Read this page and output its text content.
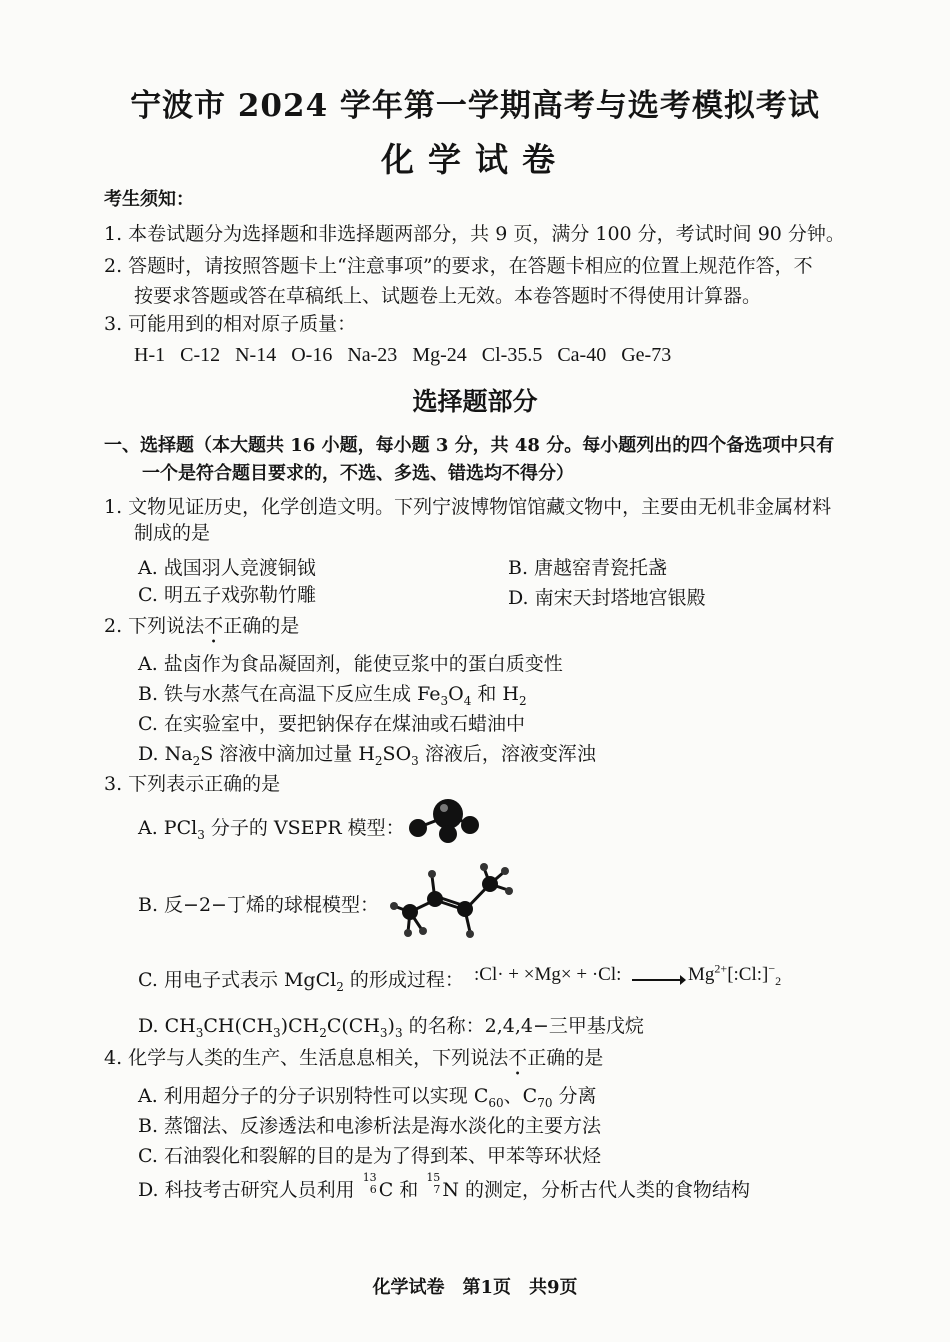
宁波市 2024 学年第一学期高考与选考模拟考试
化学试卷
考生须知：
1. 本卷试题分为选择题和非选择题两部分，共 9 页，满分 100 分，考试时间 90 分钟。
2. 答题时，请按照答题卡上“注意事项”的要求，在答题卡相应的位置上规范作答，不
按要求答题或答在草稿纸上、试题卷上无效。本卷答题时不得使用计算器。
3. 可能用到的相对原子质量：
H-1 C-12 N-14 O-16 Na-23 Mg-24 Cl-35.5 Ca-40 Ge-73
选择题部分
一、选择题（本大题共 16 小题，每小题 3 分，共 48 分。每小题列出的四个备选项中只有
一个是符合题目要求的，不选、多选、错选均不得分）
1. 文物见证历史，化学创造文明。下列宁波博物馆馆藏文物中，主要由无机非金属材料
制成的是
A. 战国羽人竞渡铜钺	B. 唐越窑青瓷托盏
C. 明五子戏弥勒竹雕	D. 南宋天封塔地宫银殿
2. 下列说法不正确的是
A. 盐卤作为食品凝固剂，能使豆浆中的蛋白质变性
B. 铁与水蒸气在高温下反应生成 $Fe_3O_4$ 和 $H_2$
C. 在实验室中，要把钠保存在煤油或石蜡油中
D. $Na_2S$ 溶液中滴加过量 $H_2SO_3$ 溶液后，溶液变浑浊
3. 下列表示正确的是
A. PCl$_3$ 分子的 VSEPR 模型：
B. 反−2−丁烯的球棍模型：
C. 用电子式表示 MgCl$_2$ 的形成过程： :Cl· + ×Mg× + ·Cl: → $Mg^{2+}[:Cl:]^-_2$
D. $CH_3CH(CH_3)CH_2C(CH_3)_3$ 的名称：2,4,4−三甲基戊烷
4. 化学与人类的生产、生活息息相关，下列说法不正确的是
A. 利用超分子的分子识别特性可以实现 $C_{60}$、$C_{70}$ 分离
B. 蒸馏法、反渗透法和电渗析法是海水淡化的主要方法
C. 石油裂化和裂解的目的是为了得到苯、甲苯等环状烃
D. 科技考古研究人员利用
13
6 C 和
15
7 N 的测定，分析古代人类的食物结构
化学试卷　第1页　共9页
